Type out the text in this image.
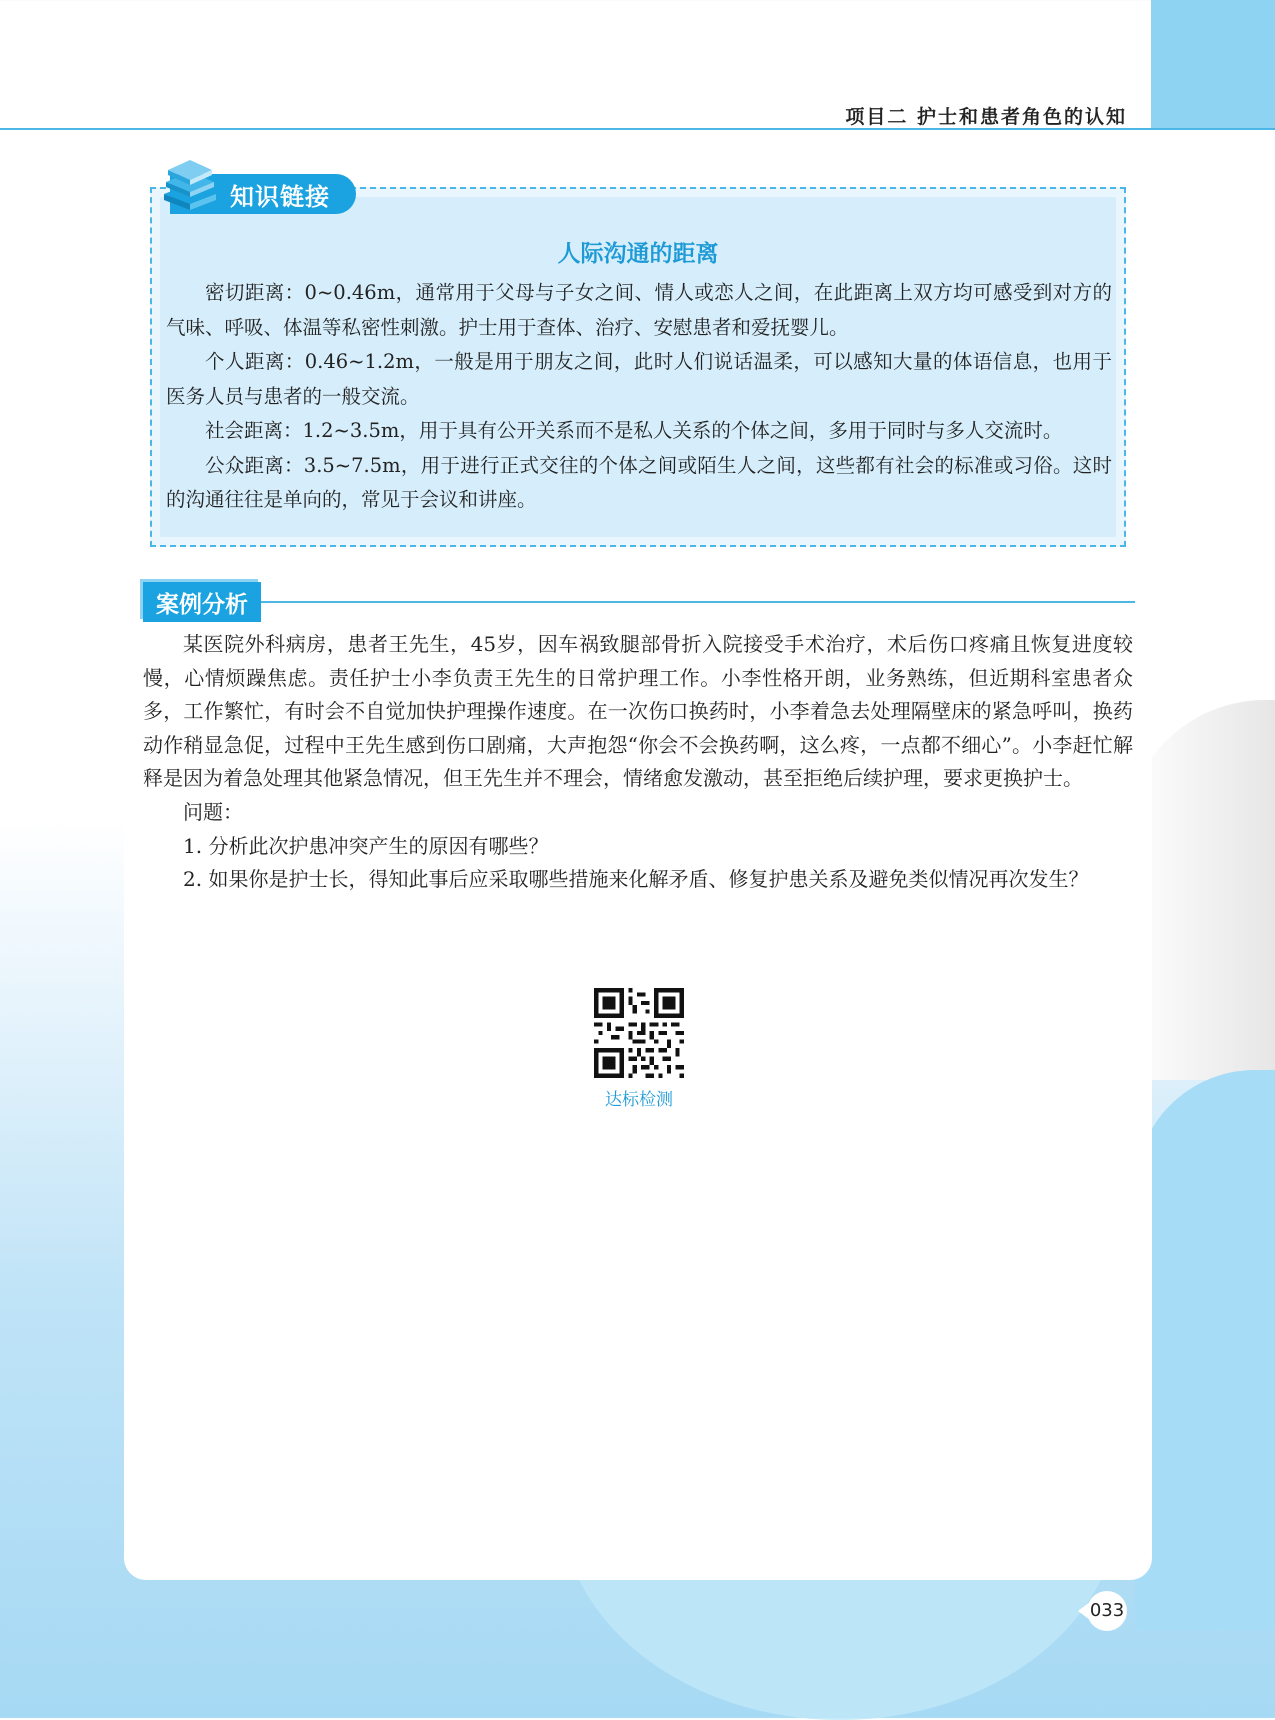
项目二 护士和患者角色的认知
知识链接
人际沟通的距离

密切距离：0~0.46m，通常用于父母与子女之间、情人或恋人之间，在此距离上双方均可感受到对方的气味、呼吸、体温等私密性刺激。护士用于查体、治疗、安慰患者和爱抚婴儿。

个人距离：0.46~1.2m，一般是用于朋友之间，此时人们说话温柔，可以感知大量的体语信息，也用于医务人员与患者的一般交流。

社会距离：1.2~3.5m，用于具有公开关系而不是私人关系的个体之间，多用于同时与多人交流时。

公众距离：3.5~7.5m，用于进行正式交往的个体之间或陌生人之间，这些都有社会的标准或习俗。这时的沟通往往是单向的，常见于会议和讲座。

案例分析

某医院外科病房，患者王先生，45岁，因车祸致腿部骨折入院接受手术治疗，术后伤口疼痛且恢复进度较慢，心情烦躁焦虑。责任护士小李负责王先生的日常护理工作。小李性格开朗，业务熟练，但近期科室患者众多，工作繁忙，有时会不自觉加快护理操作速度。在一次伤口换药时，小李着急去处理隔壁床的紧急呼叫，换药动作稍显急促，过程中王先生感到伤口剧痛，大声抱怨“你会不会换药啊，这么疼，一点都不细心”。小李赶忙解释是因为着急处理其他紧急情况，但王先生并不理会，情绪愈发激动，甚至拒绝后续护理，要求更换护士。

问题：

1. 分析此次护患冲突产生的原因有哪些？

2. 如果你是护士长，得知此事后应采取哪些措施来化解矛盾、修复护患关系及避免类似情况再次发生？

达标检测

033
